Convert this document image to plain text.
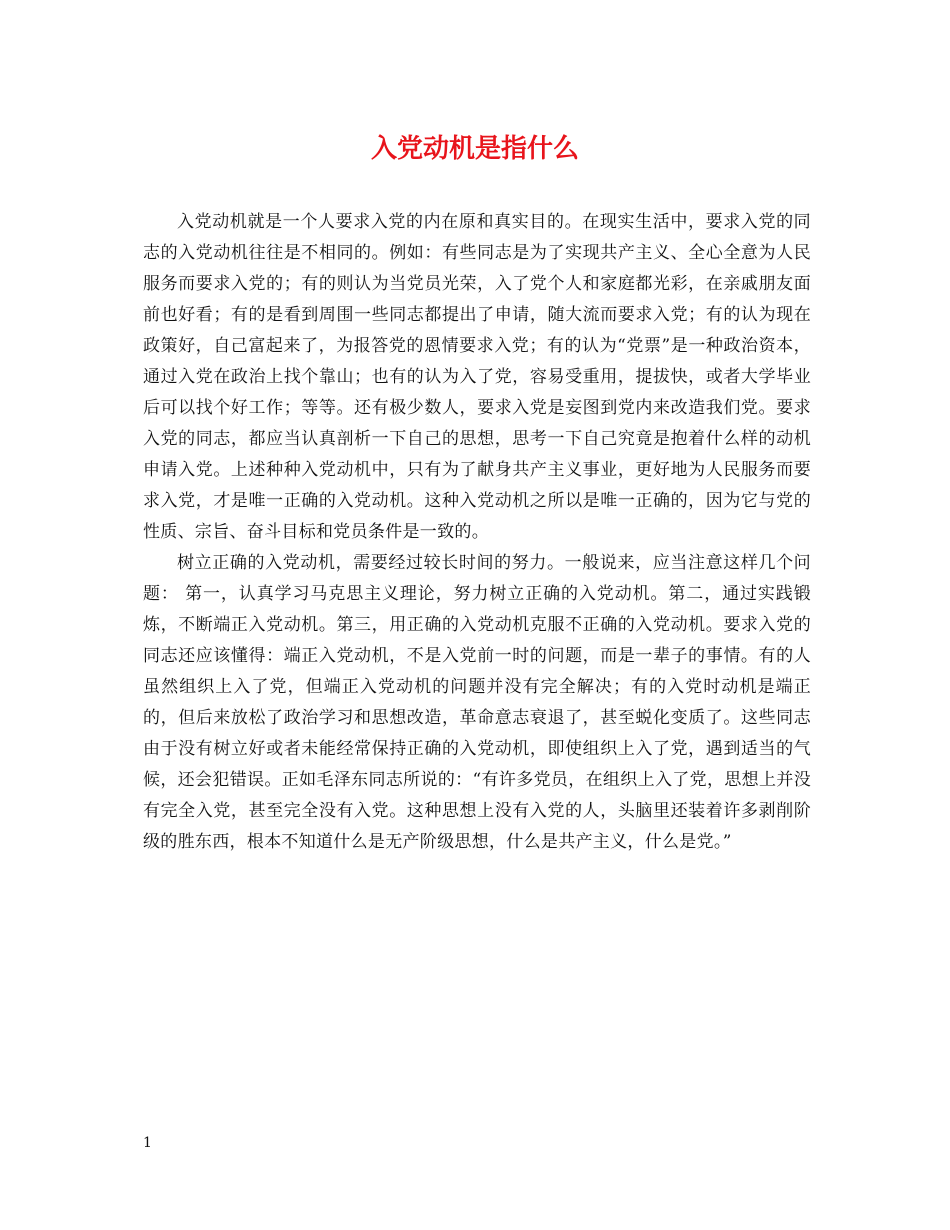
入党动机是指什么

入党动机就是一个人要求入党的内在原和真实目的。在现实生活中，要求入党的同志的入党动机往往是不相同的。例如：有些同志是为了实现共产主义、全心全意为人民服务而要求入党的；有的则认为当党员光荣，入了党个人和家庭都光彩，在亲戚朋友面前也好看；有的是看到周围一些同志都提出了申请，随大流而要求入党；有的认为现在政策好，自己富起来了，为报答党的恩情要求入党；有的认为“党票”是一种政治资本，通过入党在政治上找个靠山；也有的认为入了党，容易受重用，提拔快，或者大学毕业后可以找个好工作；等等。还有极少数人，要求入党是妄图到党内来改造我们党。要求入党的同志，都应当认真剖析一下自己的思想，思考一下自己究竟是抱着什么样的动机申请入党。上述种种入党动机中，只有为了献身共产主义事业，更好地为人民服务而要求入党，才是唯一正确的入党动机。这种入党动机之所以是唯一正确的，因为它与党的性质、宗旨、奋斗目标和党员条件是一致的。

树立正确的入党动机，需要经过较长时间的努力。一般说来，应当注意这样几个问题： 第一，认真学习马克思主义理论，努力树立正确的入党动机。第二，通过实践锻炼，不断端正入党动机。第三，用正确的入党动机克服不正确的入党动机。要求入党的同志还应该懂得：端正入党动机，不是入党前一时的问题，而是一辈子的事情。有的人虽然组织上入了党，但端正入党动机的问题并没有完全解决；有的入党时动机是端正的，但后来放松了政治学习和思想改造，革命意志衰退了，甚至蜕化变质了。这些同志由于没有树立好或者未能经常保持正确的入党动机，即使组织上入了党，遇到适当的气候，还会犯错误。正如毛泽东同志所说的：“有许多党员，在组织上入了党，思想上并没有完全入党，甚至完全没有入党。这种思想上没有入党的人，头脑里还装着许多剥削阶级的胜东西，根本不知道什么是无产阶级思想，什么是共产主义，什么是党。”

1
